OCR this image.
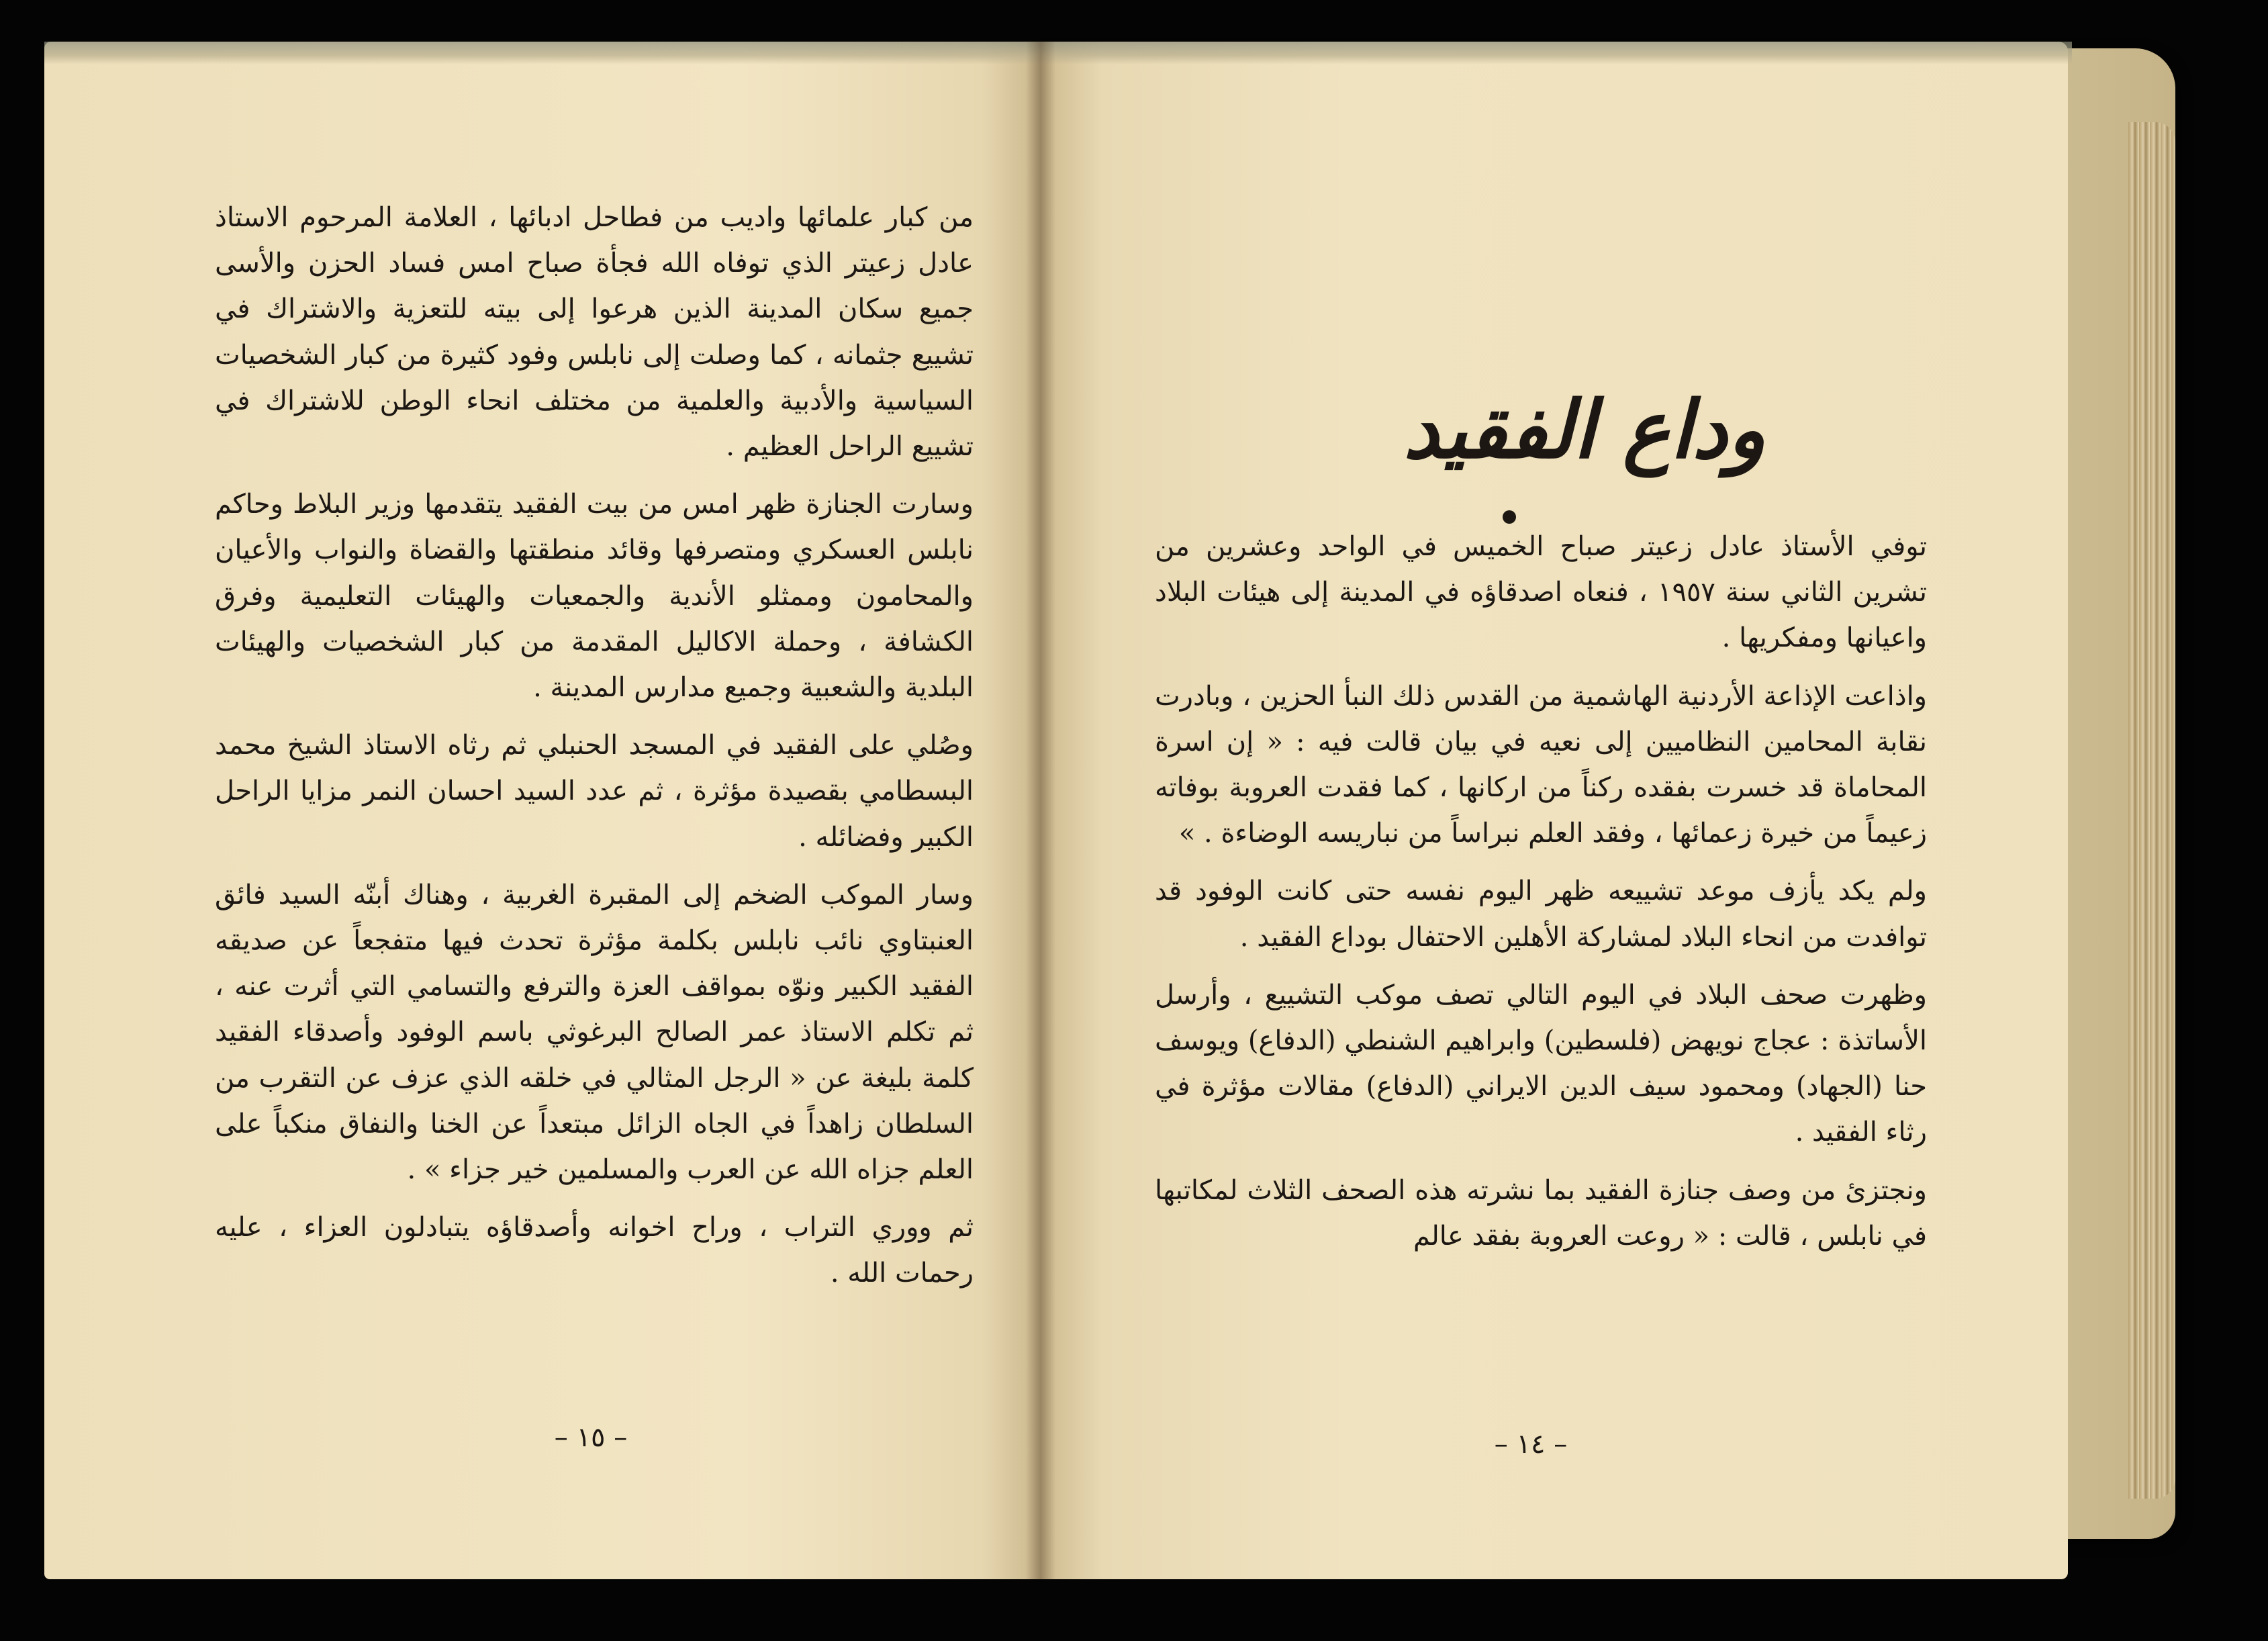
من كبار علمائها واديب من فطاحل ادبائها ، العلامة المرحوم الاستاذ عادل زعيتر الذي توفاه الله فجأة صباح امس فساد الحزن والأسى جميع سكان المدينة الذين هرعوا إلى بيته للتعزية والاشتراك في تشييع جثمانه ، كما وصلت إلى نابلس وفود كثيرة من كبار الشخصيات السياسية والأدبية والعلمية من مختلف انحاء الوطن للاشتراك في تشييع الراحل العظيم .

وسارت الجنازة ظهر امس من بيت الفقيد يتقدمها وزير البلاط وحاكم نابلس العسكري ومتصرفها وقائد منطقتها والقضاة والنواب والأعيان والمحامون وممثلو الأندية والجمعيات والهيئات التعليمية وفرق الكشافة ، وحملة الاكاليل المقدمة من كبار الشخصيات والهيئات البلدية والشعبية وجميع مدارس المدينة .

وصُلي على الفقيد في المسجد الحنبلي ثم رثاه الاستاذ الشيخ محمد البسطامي بقصيدة مؤثرة ، ثم عدد السيد احسان النمر مزايا الراحل الكبير وفضائله .

وسار الموكب الضخم إلى المقبرة الغربية ، وهناك أبنّه السيد فائق العنبتاوي نائب نابلس بكلمة مؤثرة تحدث فيها متفجعاً عن صديقه الفقيد الكبير ونوّه بمواقف العزة والترفع والتسامي التي أثرت عنه ، ثم تكلم الاستاذ عمر الصالح البرغوثي باسم الوفود وأصدقاء الفقيد كلمة بليغة عن « الرجل المثالي في خلقه الذي عزف عن التقرب من السلطان زاهداً في الجاه الزائل مبتعداً عن الخنا والنفاق منكباً على العلم جزاه الله عن العرب والمسلمين خير جزاء » .

ثم ووري التراب ، وراح اخوانه وأصدقاؤه يتبادلون العزاء ، عليه رحمات الله .

– ١٥ –
وداع الفقيد

توفي الأستاذ عادل زعيتر صباح الخميس في الواحد وعشرين من تشرين الثاني سنة ١٩٥٧ ، فنعاه اصدقاؤه في المدينة إلى هيئات البلاد واعيانها ومفكريها .

واذاعت الإذاعة الأردنية الهاشمية من القدس ذلك النبأ الحزين ، وبادرت نقابة المحامين النظاميين إلى نعيه في بيان قالت فيه : « إن اسرة المحاماة قد خسرت بفقده ركناً من اركانها ، كما فقدت العروبة بوفاته زعيماً من خيرة زعمائها ، وفقد العلم نبراساً من نباريسه الوضاءة . »

ولم يكد يأزف موعد تشييعه ظهر اليوم نفسه حتى كانت الوفود قد توافدت من انحاء البلاد لمشاركة الأهلين الاحتفال بوداع الفقيد .

وظهرت صحف البلاد في اليوم التالي تصف موكب التشييع ، وأرسل الأساتذة : عجاج نويهض (فلسطين) وابراهيم الشنطي (الدفاع) ويوسف حنا (الجهاد) ومحمود سيف الدين الايراني (الدفاع) مقالات مؤثرة في رثاء الفقيد .

ونجتزئ من وصف جنازة الفقيد بما نشرته هذه الصحف الثلاث لمكاتبها في نابلس ، قالت : « روعت العروبة بفقد عالم

– ١٤ –
